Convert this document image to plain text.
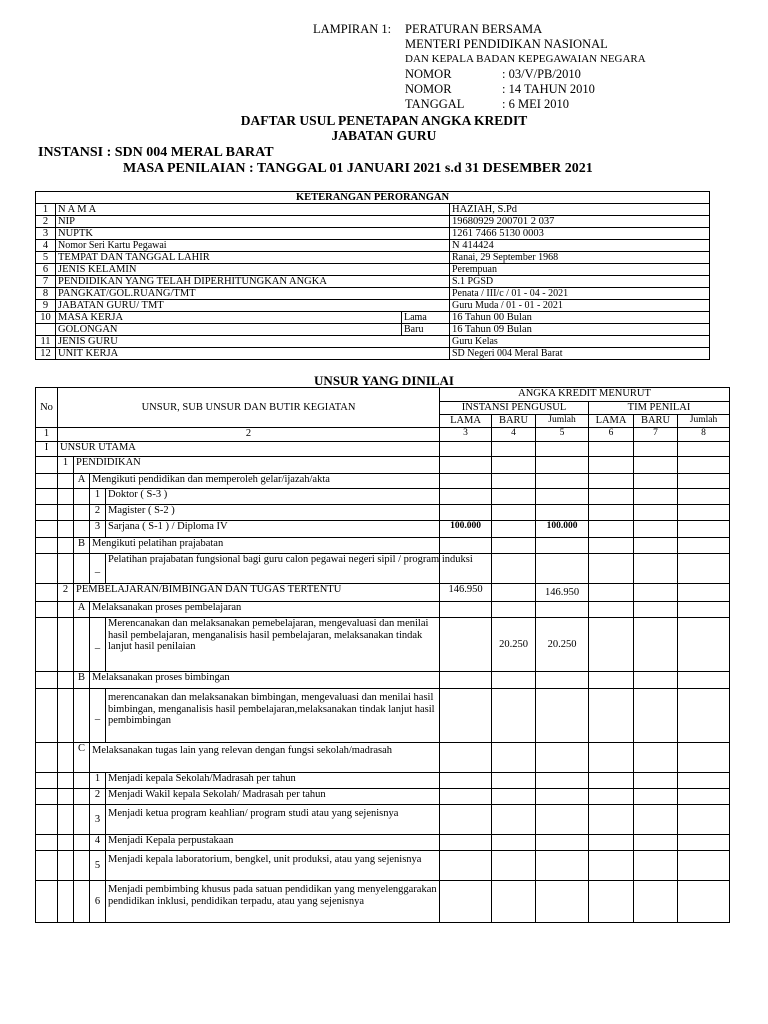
LAMPIRAN 1: PERATURAN BERSAMA
MENTERI PENDIDIKAN NASIONAL
DAN KEPALA BADAN KEPEGAWAIAN NEGARA
NOMOR	: 03/V/PB/2010
NOMOR	: 14 TAHUN 2010
TANGGAL	: 6 MEI 2010
DAFTAR USUL PENETAPAN ANGKA KREDIT
JABATAN GURU
INSTANSI : SDN 004 MERAL BARAT
MASA PENILAIAN : TANGGAL 01 JANUARI 2021 s.d 31 DESEMBER 2021
KETERANGAN PERORANGAN			
1	N A M A		HAZIAH, S.Pd
2	NIP		19680929 200701 2 037
3	NUPTK		1261 7466 5130 0003
4	Nomor Seri Kartu Pegawai		N 414424
5	TEMPAT DAN TANGGAL LAHIR		Ranai, 29 September 1968
6	JENIS KELAMIN		Perempuan
7	PENDIDIKAN YANG TELAH DIPERHITUNGKAN ANGKA		S.1 PGSD
8	PANGKAT/GOL.RUANG/TMT		Penata / III/c / 01 - 04 - 2021
9	JABATAN GURU/ TMT		Guru Muda / 01 - 01 - 2021
10	MASA KERJA	Lama	16 Tahun 00 Bulan
	GOLONGAN	Baru	16 Tahun 09 Bulan
11	JENIS GURU		Guru Kelas
12	UNIT KERJA		SD Negeri 004 Meral Barat
UNSUR YANG DINILAI
No	UNSUR, SUB UNSUR DAN BUTIR KEGIATAN				ANGKA KREDIT MENURUT					
					INSTANSI PENGUSUL			TIM PENILAI		
					LAMA	BARU	Jumlah	LAMA	BARU	Jumlah
1	2				3	4	5	6	7	8
I	UNSUR UTAMA									
	1	PENDIDIKAN								
		A	Mengikuti pendidikan dan memperoleh gelar/ijazah/akta							
			1	Doktor ( S-3 )						
			2	Magister ( S-2 )						
			3	Sarjana ( S-1 ) / Diploma IV	100.000		100.000			
		B	Mengikuti pelatihan prajabatan							
			_	Pelatihan prajabatan fungsional bagi guru calon pegawai negeri sipil / program induksi						
	2	PEMBELAJARAN/BIMBINGAN DAN TUGAS TERTENTU			146.950		146.950			
		A	Melaksanakan proses pembelajaran							
			_	Merencanakan dan melaksanakan pemebelajaran, mengevaluasi dan menilai hasil pembelajaran, menganalisis hasil pembelajaran, melaksanakan tindak lanjut hasil penilaian		20.250	20.250			
		B	Melaksanakan proses bimbingan							
			_	merencanakan dan melaksanakan bimbingan, mengevaluasi dan menilai hasil bimbingan, menganalisis hasil pembelajaran,melaksanakan tindak lanjut hasil pembimbingan						
		C	Melaksanakan tugas lain yang relevan dengan fungsi sekolah/madrasah							
			1	Menjadi kepala Sekolah/Madrasah per tahun						
			2	Menjadi Wakil kepala Sekolah/ Madrasah per tahun						
			3	Menjadi ketua program keahlian/ program studi atau yang sejenisnya						
			4	Menjadi Kepala perpustakaan						
			5	Menjadi kepala laboratorium, bengkel, unit produksi, atau yang sejenisnya						
			6	Menjadi pembimbing khusus pada satuan pendidikan yang menyelenggarakan pendidikan inklusi, pendidikan terpadu, atau yang sejenisnya						
